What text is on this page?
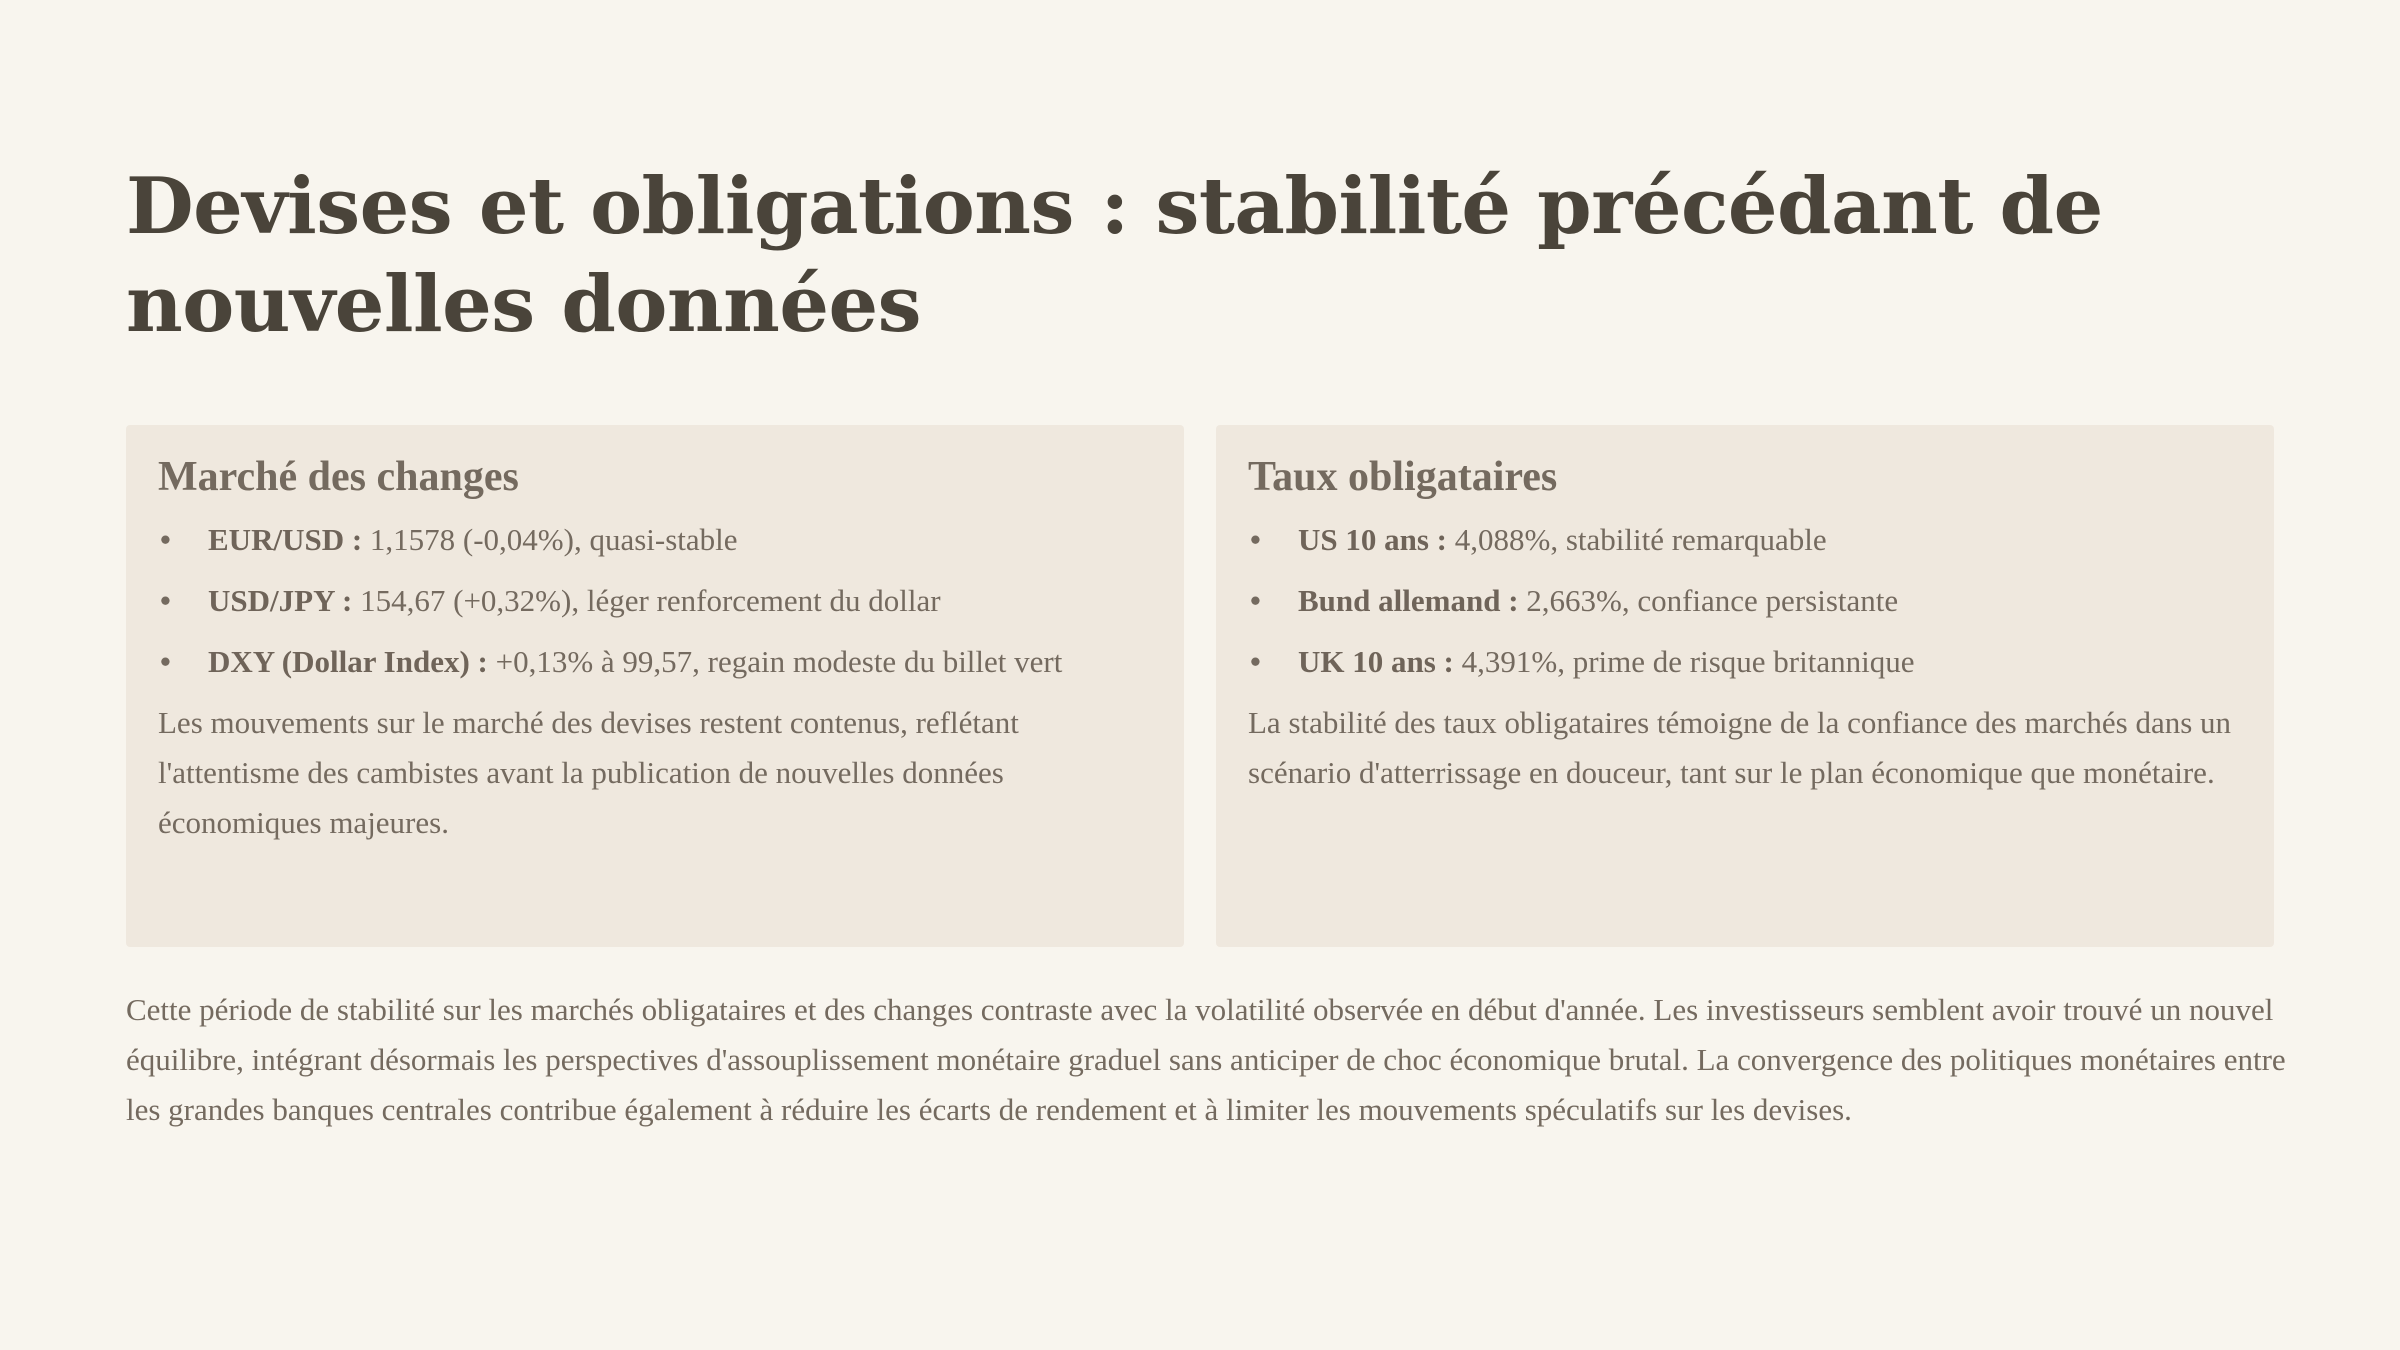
Devises et obligations : stabilité précédant de nouvelles données
Marché des changes
• EUR/USD : 1,1578 (-0,04%), quasi-stable
• USD/JPY : 154,67 (+0,32%), léger renforcement du dollar
• DXY (Dollar Index) : +0,13% à 99,57, regain modeste du billet vert

Les mouvements sur le marché des devises restent contenus, reflétant l'attentisme des cambistes avant la publication de nouvelles données économiques majeures.

Taux obligataires
• US 10 ans : 4,088%, stabilité remarquable
• Bund allemand : 2,663%, confiance persistante
• UK 10 ans : 4,391%, prime de risque britannique

La stabilité des taux obligataires témoigne de la confiance des marchés dans un scénario d'atterrissage en douceur, tant sur le plan économique que monétaire.

Cette période de stabilité sur les marchés obligataires et des changes contraste avec la volatilité observée en début d'année. Les investisseurs semblent avoir trouvé un nouvel équilibre, intégrant désormais les perspectives d'assouplissement monétaire graduel sans anticiper de choc économique brutal. La convergence des politiques monétaires entre les grandes banques centrales contribue également à réduire les écarts de rendement et à limiter les mouvements spéculatifs sur les devises.
